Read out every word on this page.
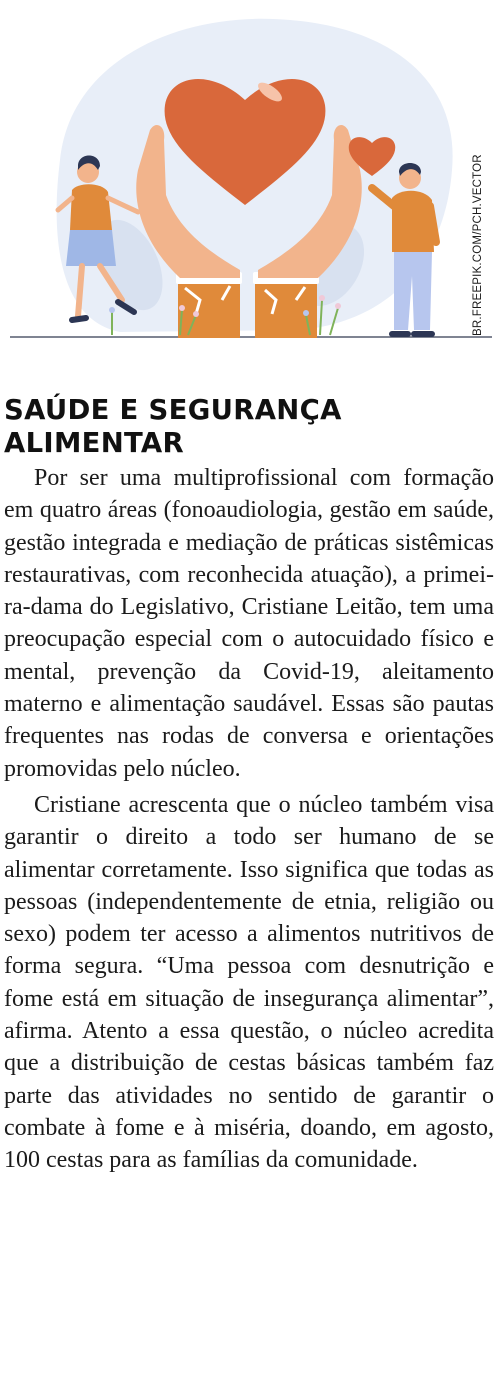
BR.FREEPIK.COM/PCH.VECTOR
SAÚDE E SEGURANÇA
ALIMENTAR

Por ser uma multiprofissional com formação em quatro áreas (fonoaudiologia, gestão em saúde, gestão integrada e mediação de práticas sistêmicas restaurativas, com reconhecida atuação), a primeira-dama do Legislativo, Cristiane Leitão, tem uma preocupação especial com o autocuidado físico e mental, prevenção da Covid-19, aleitamento materno e alimentação saudável. Essas são pautas frequentes nas rodas de conversa e orientações promovidas pelo núcleo.

Cristiane acrescenta que o núcleo também visa garantir o direito a todo ser humano de se alimentar corretamente. Isso significa que todas as pessoas (independentemente de etnia, religião ou sexo) podem ter acesso a alimentos nutritivos de forma segura. “Uma pessoa com desnutrição e fome está em situação de insegurança alimentar”, afirma. Atento a essa questão, o núcleo acredita que a distribuição de cestas básicas também faz parte das atividades no sentido de garantir o combate à fome e à miséria, doando, em agosto, 100 cestas para as famílias da comunidade.
